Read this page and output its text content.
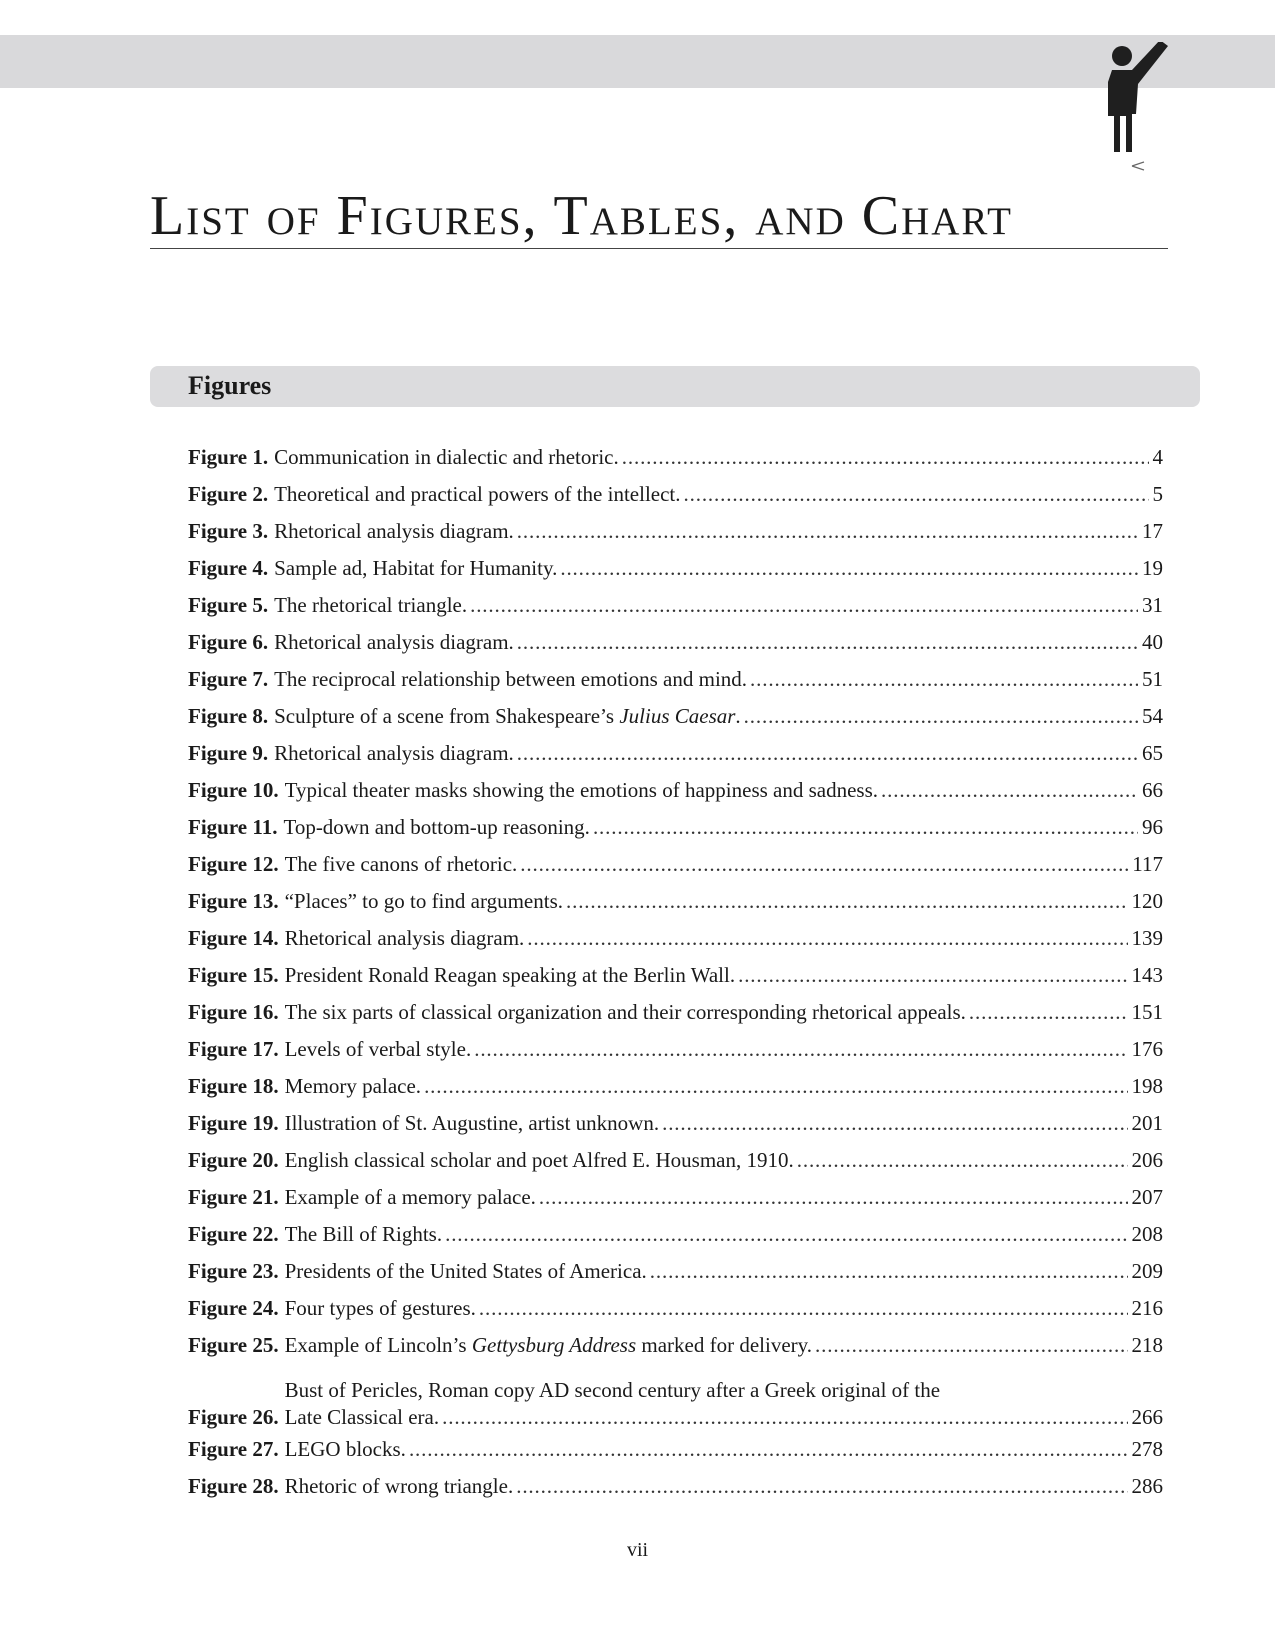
List of Figures, Tables, and Chart
Figures
Figure 1. Communication in dialectic and rhetoric. . . .	4
Figure 2. Theoretical and practical powers of the intellect. . . .	5
Figure 3. Rhetorical analysis diagram. . . .	17
Figure 4. Sample ad, Habitat for Humanity. . . .	19
Figure 5. The rhetorical triangle. . . .	31
Figure 6. Rhetorical analysis diagram. . . .	40
Figure 7. The reciprocal relationship between emotions and mind. . . .	51
Figure 8. Sculpture of a scene from Shakespeare’s Julius Caesar. . . .	54
Figure 9. Rhetorical analysis diagram. . . .	65
Figure 10. Typical theater masks showing the emotions of happiness and sadness. . . .	66
Figure 11. Top-down and bottom-up reasoning. . . .	96
Figure 12. The five canons of rhetoric. . . .	117
Figure 13. “Places” to go to find arguments. . . .	120
Figure 14. Rhetorical analysis diagram. . . .	139
Figure 15. President Ronald Reagan speaking at the Berlin Wall. . . .	143
Figure 16. The six parts of classical organization and their corresponding rhetorical appeals. . . .	151
Figure 17. Levels of verbal style. . . .	176
Figure 18. Memory palace. . . .	198
Figure 19. Illustration of St. Augustine, artist unknown. . . .	201
Figure 20. English classical scholar and poet Alfred E. Housman, 1910. . . .	206
Figure 21. Example of a memory palace. . . .	207
Figure 22. The Bill of Rights. . . .	208
Figure 23. Presidents of the United States of America. . . .	209
Figure 24. Four types of gestures. . . .	216
Figure 25. Example of Lincoln’s Gettysburg Address marked for delivery. . . .	218
Figure 26.
Bust of Pericles, Roman copy AD second century after a Greek original of the
Late Classical era. . . .	266
Figure 27. LEGO blocks. . . .	278
Figure 28. Rhetoric of wrong triangle. . . .	286

vii
